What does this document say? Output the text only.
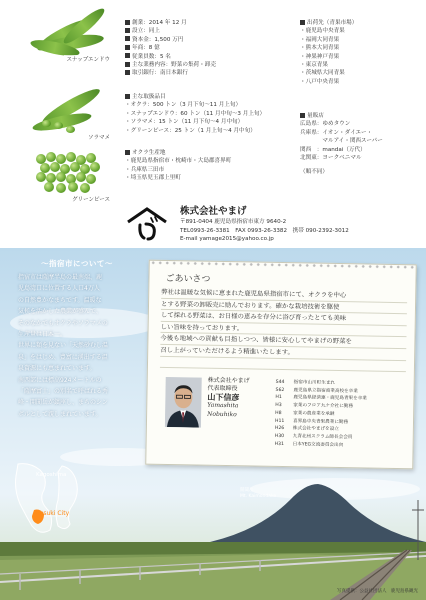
スナップエンドウ
ソラマメ
グリーンピース
創業：2014 年 12 月
設立：同上
資本金：1,500 万円
年商：8 億
従業員数：5 名
主な業務内容：野菜の集荷・卸売
取引銀行：南日本銀行
主な取扱品目
・オクラ：500 トン（3 月下旬〜11 月上旬）
・スナップエンドウ：60 トン（11 月中旬〜3 月上旬）
・ソラマメ：15 トン（11 月下旬〜4 月中旬）
・グリーンピース：25 トン（1 月上旬〜4 月中旬）
オクラ生産地
・鹿児島県指宿市・枕崎市・大島郡喜界町
・兵庫県三田市
・埼玉県児玉郡上里町
出荷先（青果市場）
・鹿児島中央青果
・福岡大同青果
・熊本大同青果
・神果神戸青果
・東京青果
・茨城県大同青果
・八戸中央青果
量販店
広島県：ゆめタウン
兵庫県：イオン・ダイエー・
　　　　マルアイ・関西スーパー
関西　：mandai（万代）
北関東：ヨークベニマル
（順不同）
株式会社やまげ
〒891-0404 鹿児島県指宿市東方 9640-2
TEL0993-26-3381　FAX 0993-26-3382　携帯 090-2392-3012
E-mail yamage2015@yahoo.co.jp
〜指宿市について〜
指宿市は薩摩半島の最南端、鹿
児島湾口に位置する人口4万人
の自然豊かなまちです。温暖な
気候を活かした農業が盛んで、
そのなかでもオクラやソラマメの
生産量は日本一。
世界に類を見ない「天然砂むし温
泉」をはじめ、豊富に湧出する温
泉資源にも恵まれています。
南西部には標高924メートルの
「薩摩富士」の別名で呼ばれる秀
峰・開聞岳が鎮座し、まちのシン
ボルとして親しまれています。
ごあいさつ
弊社は温暖な気候に恵まれた鹿児島県指宿市にて、オクラを中心
とする野菜の卸販売に励んでおります。確かな栽培技術を駆使
して採れる野菜は、お日様の恵みを存分に浴び育ったとても美味
しい旨味を持っております。
今後も地域への貢献も目指しつつ、皆様に安心してやまげの野菜を
召し上がっていただけるよう精進いたします。
株式会社やまげ
代表取締役
山下信彦
Yamashita
Nobuhiko
S44 指宿市山川町生まれ
S62 鹿児島県立指宿商業高校を卒業
H1	鹿児島県経済連・鹿児島青果を卒業
H3	家業のフロア九ケ介社に勤務
H8	家業の農産業を承継
H11 喜界島中央青果農業に勤務
H26 株式会社やまげを設立
H30 九青北州スクラム師長会会員
H31 日本YEG交流委員会出向
Kagoshima
Ibusuki City
開聞岳
Mt. Kaimondake
写真提供：公益社団法人　鹿児島県観光
